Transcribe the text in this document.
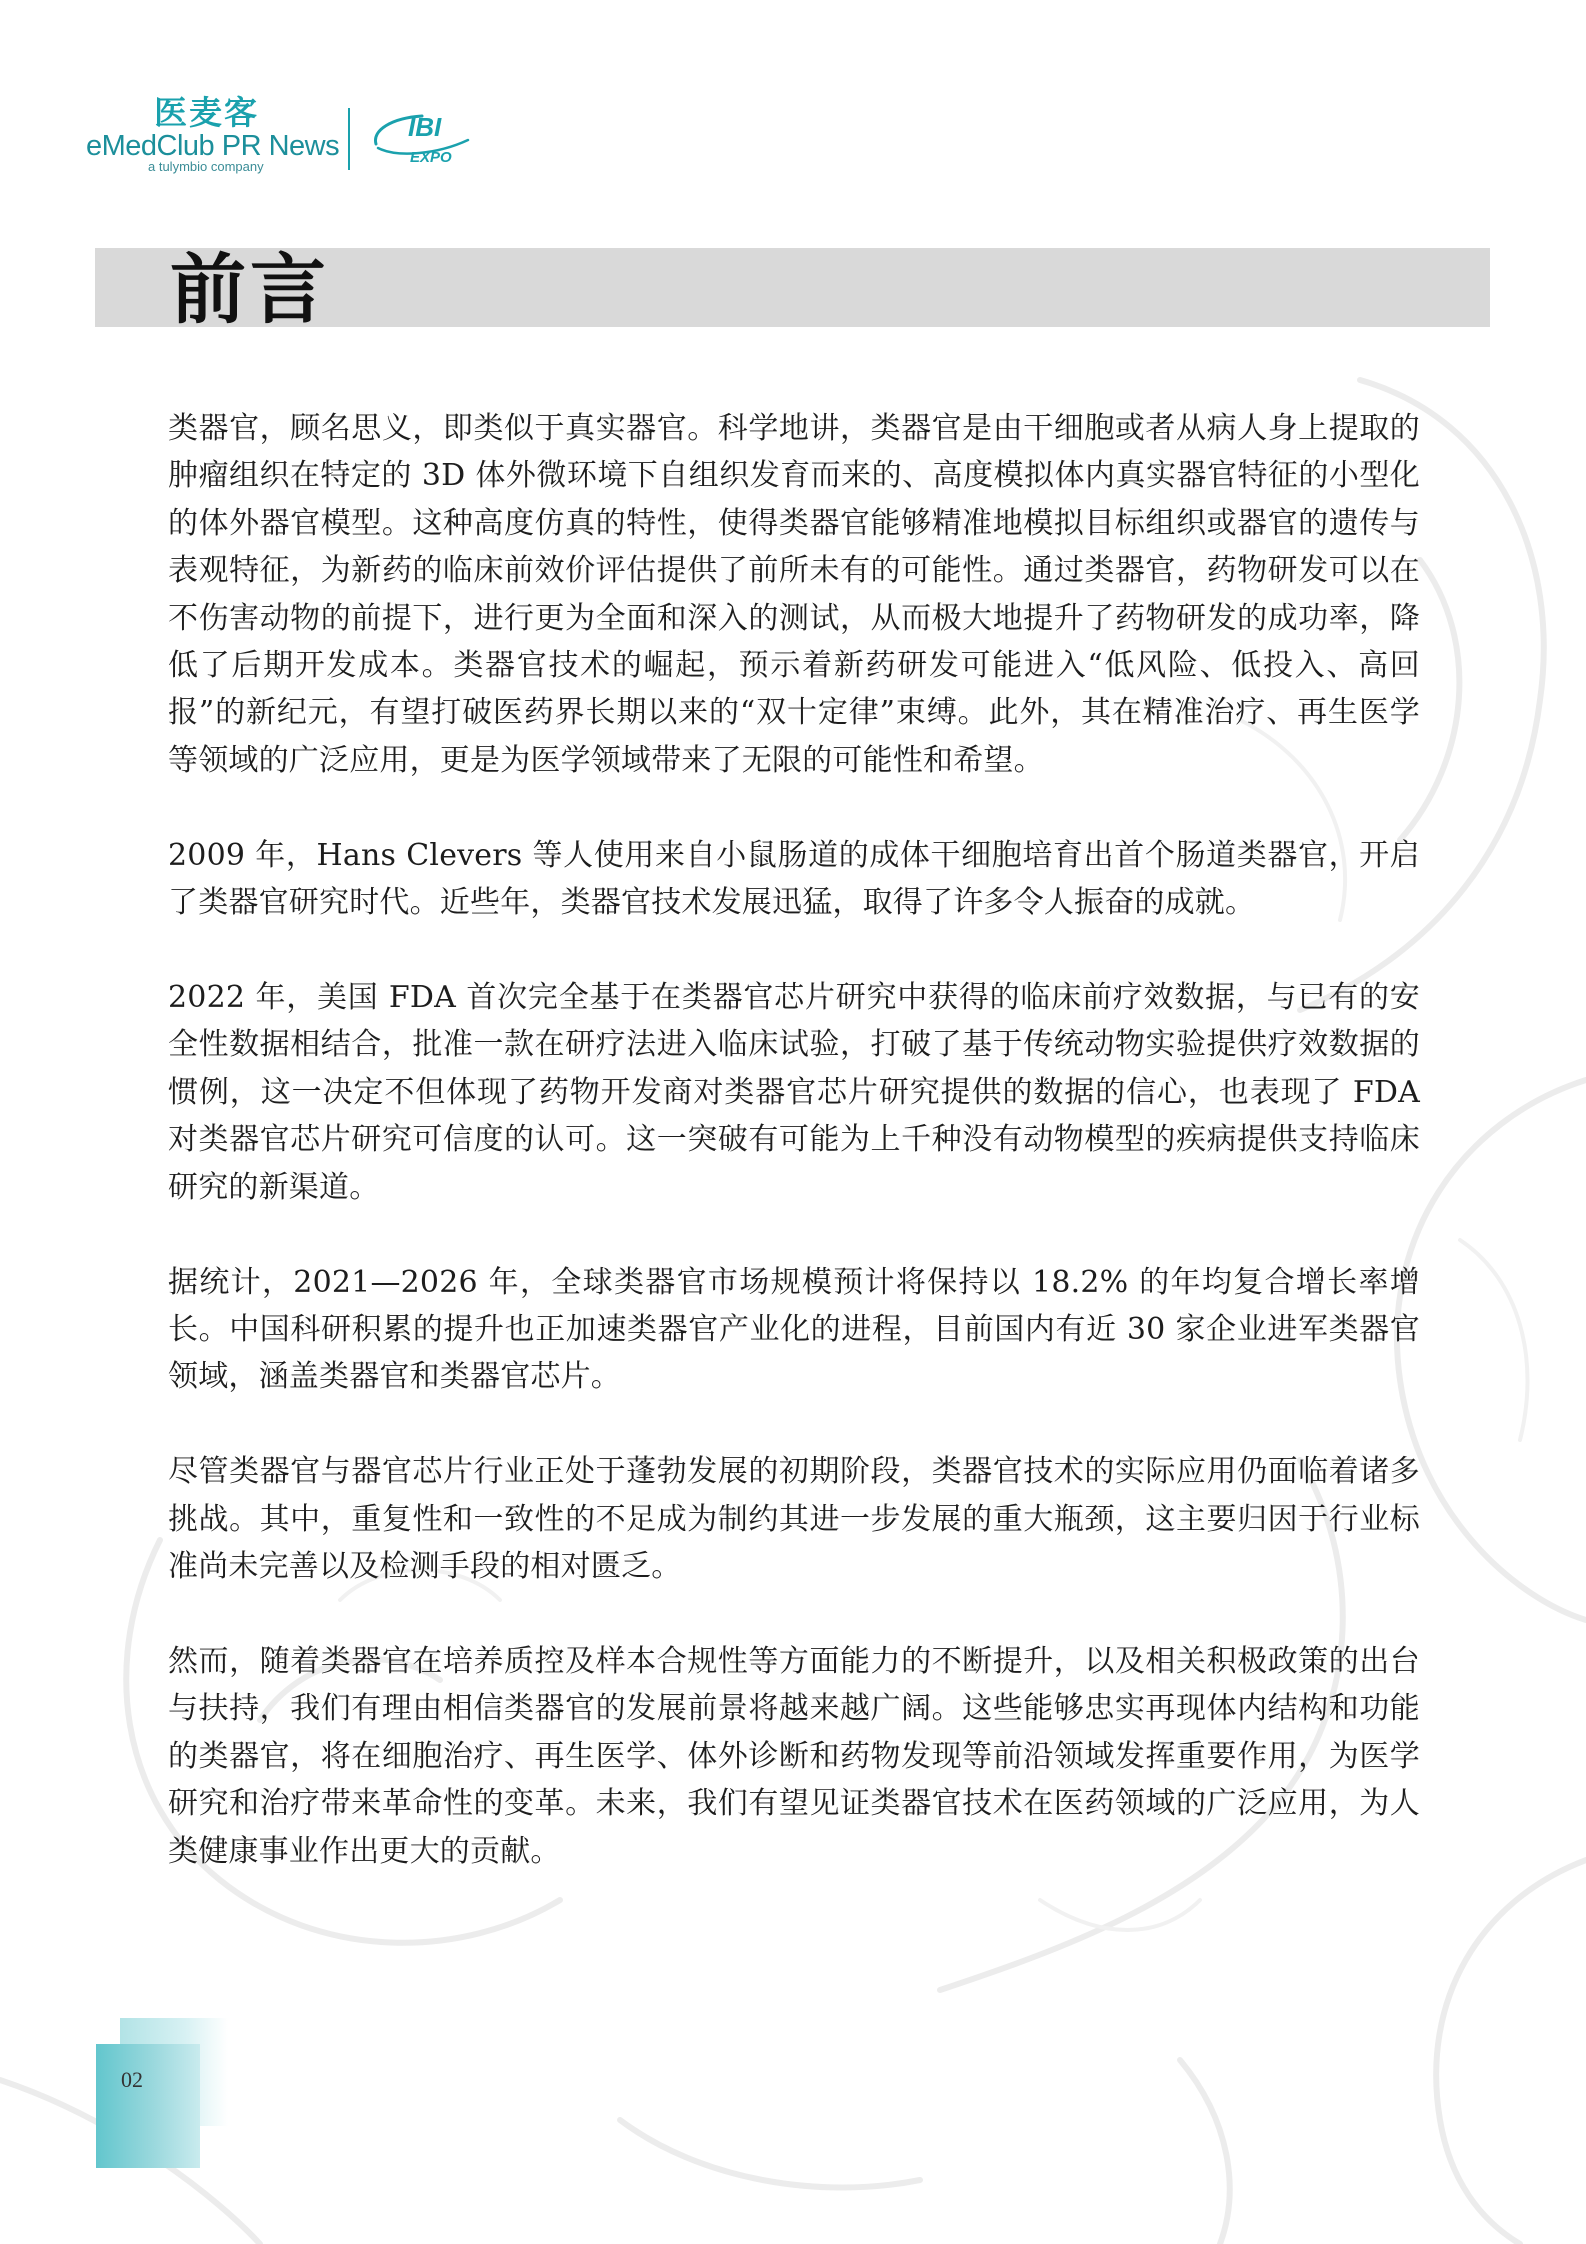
医麦客
eMedClub PR News
a tulymbio company
IBI
EXPO
前言

类器官，顾名思义，即类似于真实器官。科学地讲，类器官是由干细胞或者从病人身上提取的肿瘤组织在特定的 3D 体外微环境下自组织发育而来的、高度模拟体内真实器官特征的小型化的体外器官模型。这种高度仿真的特性，使得类器官能够精准地模拟目标组织或器官的遗传与表观特征，为新药的临床前效价评估提供了前所未有的可能性。通过类器官，药物研发可以在不伤害动物的前提下，进行更为全面和深入的测试，从而极大地提升了药物研发的成功率，降低了后期开发成本。类器官技术的崛起，预示着新药研发可能进入“低风险、低投入、高回报”的新纪元，有望打破医药界长期以来的“双十定律”束缚。此外，其在精准治疗、再生医学等领域的广泛应用，更是为医学领域带来了无限的可能性和希望。

2009 年，Hans Clevers 等人使用来自小鼠肠道的成体干细胞培育出首个肠道类器官，开启了类器官研究时代。近些年，类器官技术发展迅猛，取得了许多令人振奋的成就。

2022 年，美国 FDA 首次完全基于在类器官芯片研究中获得的临床前疗效数据，与已有的安全性数据相结合，批准一款在研疗法进入临床试验，打破了基于传统动物实验提供疗效数据的惯例，这一决定不但体现了药物开发商对类器官芯片研究提供的数据的信心，也表现了 FDA 对类器官芯片研究可信度的认可。这一突破有可能为上千种没有动物模型的疾病提供支持临床研究的新渠道。

据统计，2021—2026 年，全球类器官市场规模预计将保持以 18.2% 的年均复合增长率增长。中国科研积累的提升也正加速类器官产业化的进程，目前国内有近 30 家企业进军类器官领域，涵盖类器官和类器官芯片。

尽管类器官与器官芯片行业正处于蓬勃发展的初期阶段，类器官技术的实际应用仍面临着诸多挑战。其中，重复性和一致性的不足成为制约其进一步发展的重大瓶颈，这主要归因于行业标准尚未完善以及检测手段的相对匮乏。

然而，随着类器官在培养质控及样本合规性等方面能力的不断提升，以及相关积极政策的出台与扶持，我们有理由相信类器官的发展前景将越来越广阔。这些能够忠实再现体内结构和功能的类器官，将在细胞治疗、再生医学、体外诊断和药物发现等前沿领域发挥重要作用，为医学研究和治疗带来革命性的变革。未来，我们有望见证类器官技术在医药领域的广泛应用，为人类健康事业作出更大的贡献。

02
